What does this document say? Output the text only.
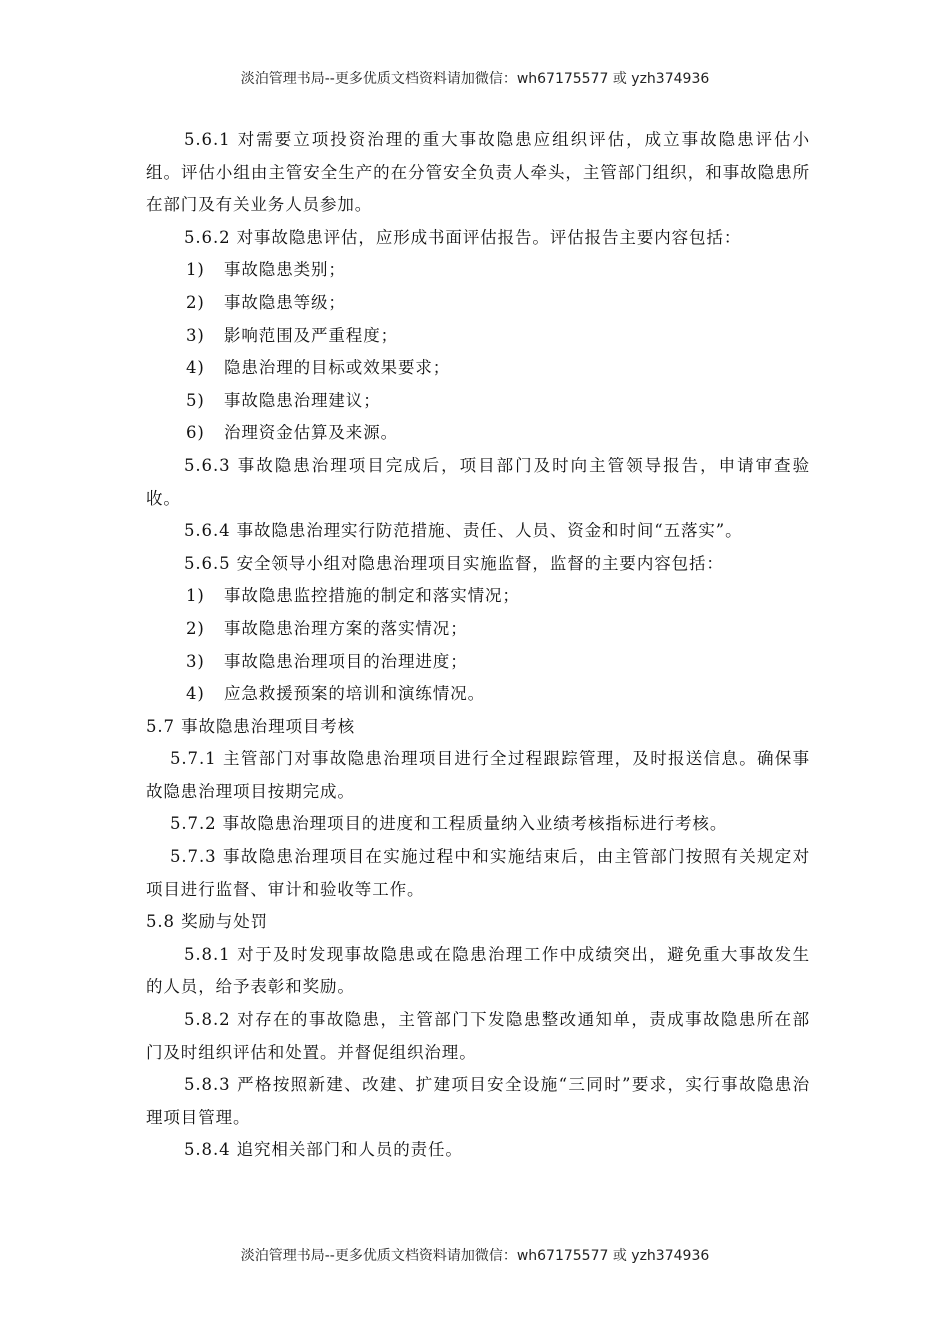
淡泊管理书局--更多优质文档资料请加微信：wh67175577 或 yzh374936

5.6.1 对需要立项投资治理的重大事故隐患应组织评估，成立事故隐患评估小组。评估小组由主管安全生产的在分管安全负责人牵头，主管部门组织，和事故隐患所在部门及有关业务人员参加。

5.6.2 对事故隐患评估，应形成书面评估报告。评估报告主要内容包括：

1) 事故隐患类别；

2) 事故隐患等级；

3) 影响范围及严重程度；

4) 隐患治理的目标或效果要求；

5) 事故隐患治理建议；

6) 治理资金估算及来源。

5.6.3 事故隐患治理项目完成后，项目部门及时向主管领导报告，申请审查验收。

5.6.4 事故隐患治理实行防范措施、责任、人员、资金和时间“五落实”。

5.6.5 安全领导小组对隐患治理项目实施监督，监督的主要内容包括：

1) 事故隐患监控措施的制定和落实情况；

2) 事故隐患治理方案的落实情况；

3) 事故隐患治理项目的治理进度；

4) 应急救援预案的培训和演练情况。

5.7 事故隐患治理项目考核

5.7.1 主管部门对事故隐患治理项目进行全过程跟踪管理，及时报送信息。确保事故隐患治理项目按期完成。

5.7.2 事故隐患治理项目的进度和工程质量纳入业绩考核指标进行考核。

5.7.3 事故隐患治理项目在实施过程中和实施结束后，由主管部门按照有关规定对项目进行监督、审计和验收等工作。

5.8 奖励与处罚

5.8.1 对于及时发现事故隐患或在隐患治理工作中成绩突出，避免重大事故发生的人员，给予表彰和奖励。

5.8.2 对存在的事故隐患，主管部门下发隐患整改通知单，责成事故隐患所在部门及时组织评估和处置。并督促组织治理。

5.8.3 严格按照新建、改建、扩建项目安全设施“三同时”要求，实行事故隐患治理项目管理。

5.8.4 追究相关部门和人员的责任。

淡泊管理书局--更多优质文档资料请加微信：wh67175577 或 yzh374936
